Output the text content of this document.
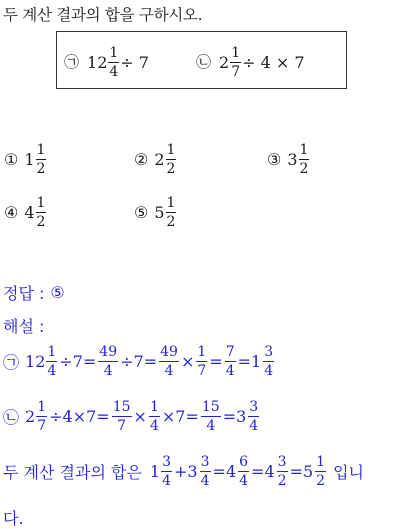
두 계산 결과의 합을 구하시오.
㉠ $12 \frac{1}{4} \div 7$	㉡ $2 \frac{1}{7} \div 4 \times 7$
① $1 \frac{1}{2}$	② $2 \frac{1}{2}$	③ $3 \frac{1}{2}$
④ $4 \frac{1}{2}$	⑤ $5 \frac{1}{2}$
정답 : ⑤
해설 :
㉠ $12 \frac{1}{4} \div 7= \frac{49}{4} \div 7= \frac{49}{4} \times \frac{1}{7} = \frac{7}{4} =1 \frac{3}{4}$
㉡ $2 \frac{1}{7} \div 4\times 7= \frac{15}{7} \times \frac{1}{4} \times 7= \frac{15}{4} =3 \frac{3}{4}$
두 계산 결과의 합은 $1 \frac{3}{4} +3 \frac{3}{4} =4 \frac{6}{4} =4 \frac{3}{2} =5 \frac{1}{2}$ 입니
다.
